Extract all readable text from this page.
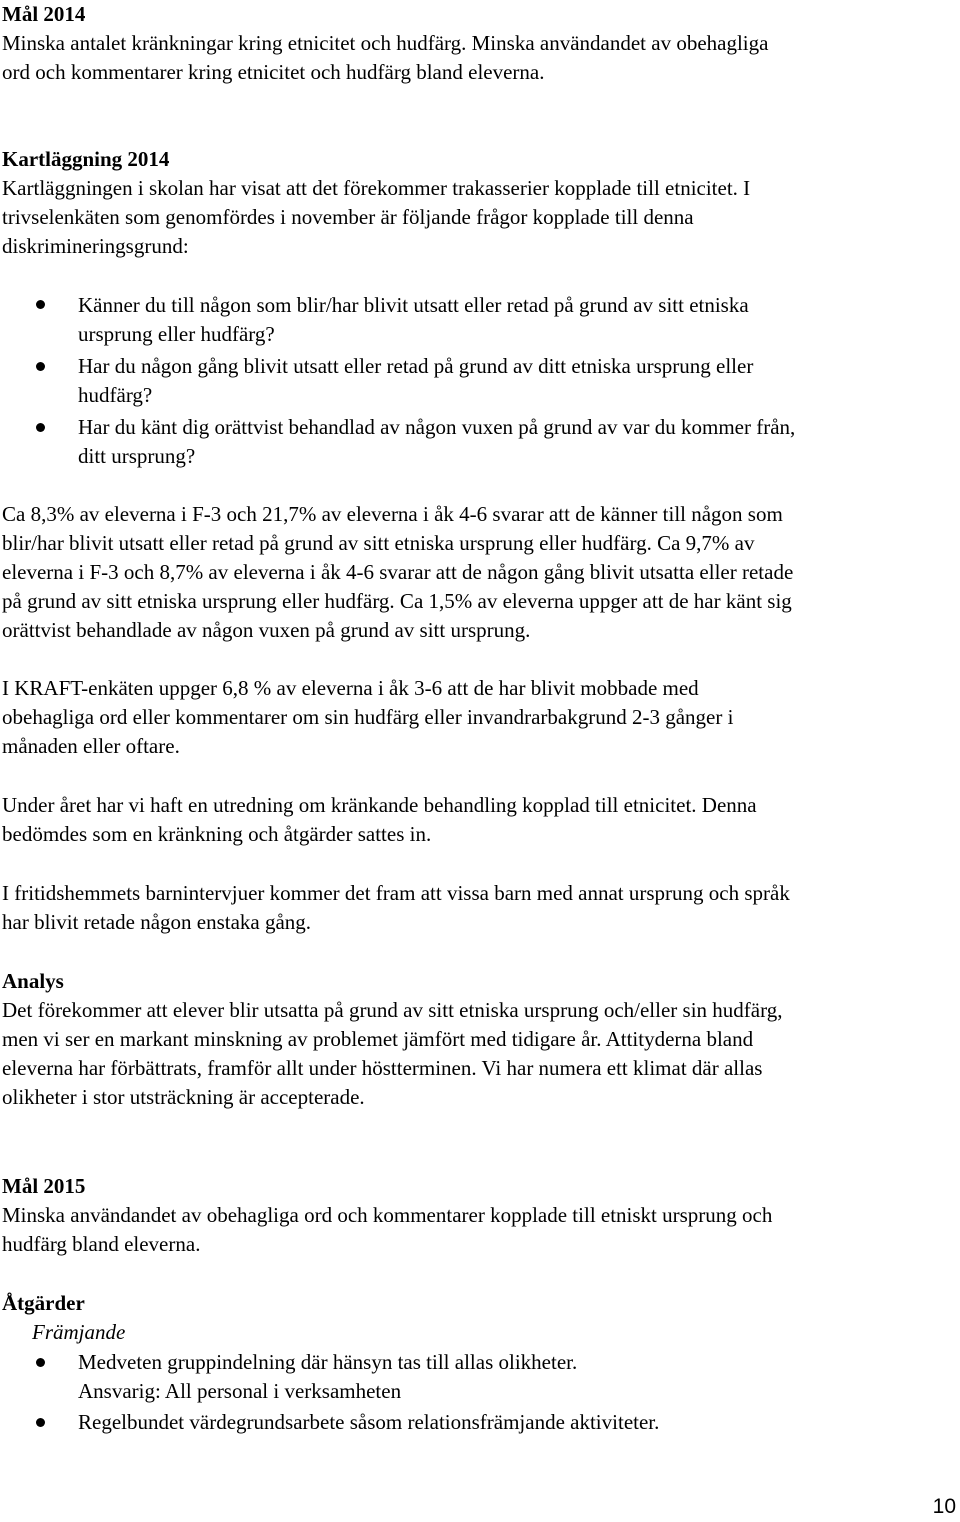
Mål 2014
Minska antalet kränkningar kring etnicitet och hudfärg. Minska användandet av obehagliga
ord och kommentarer kring etnicitet och hudfärg bland eleverna.
Kartläggning 2014
Kartläggningen i skolan har visat att det förekommer trakasserier kopplade till etnicitet. I
trivselenkäten som genomfördes i november är följande frågor kopplade till denna
diskrimineringsgrund:
Känner du till någon som blir/har blivit utsatt eller retad på grund av sitt etniska
ursprung eller hudfärg?
Har du någon gång blivit utsatt eller retad på grund av ditt etniska ursprung eller
hudfärg?
Har du känt dig orättvist behandlad av någon vuxen på grund av var du kommer från,
ditt ursprung?
Ca 8,3% av eleverna i F-3 och 21,7% av eleverna i åk 4-6 svarar att de känner till någon som
blir/har blivit utsatt eller retad på grund av sitt etniska ursprung eller hudfärg. Ca 9,7% av
eleverna i F-3 och 8,7% av eleverna i åk 4-6 svarar att de någon gång blivit utsatta eller retade
på grund av sitt etniska ursprung eller hudfärg. Ca 1,5% av eleverna uppger att de har känt sig
orättvist behandlade av någon vuxen på grund av sitt ursprung.
I KRAFT-enkäten uppger 6,8 % av eleverna i åk 3-6 att de har blivit mobbade med
obehagliga ord eller kommentarer om sin hudfärg eller invandrarbakgrund 2-3 gånger i
månaden eller oftare.
Under året har vi haft en utredning om kränkande behandling kopplad till etnicitet. Denna
bedömdes som en kränkning och åtgärder sattes in.
I fritidshemmets barnintervjuer kommer det fram att vissa barn med annat ursprung och språk
har blivit retade någon enstaka gång.
Analys
Det förekommer att elever blir utsatta på grund av sitt etniska ursprung och/eller sin hudfärg,
men vi ser en markant minskning av problemet jämfört med tidigare år. Attityderna bland
eleverna har förbättrats, framför allt under höstterminen. Vi har numera ett klimat där allas
olikheter i stor utsträckning är accepterade.
Mål 2015
Minska användandet av obehagliga ord och kommentarer kopplade till etniskt ursprung och
hudfärg bland eleverna.
Åtgärder
Främjande
Medveten gruppindelning där hänsyn tas till allas olikheter.
Ansvarig: All personal i verksamheten
Regelbundet värdegrundsarbete såsom relationsfrämjande aktiviteter.
10
